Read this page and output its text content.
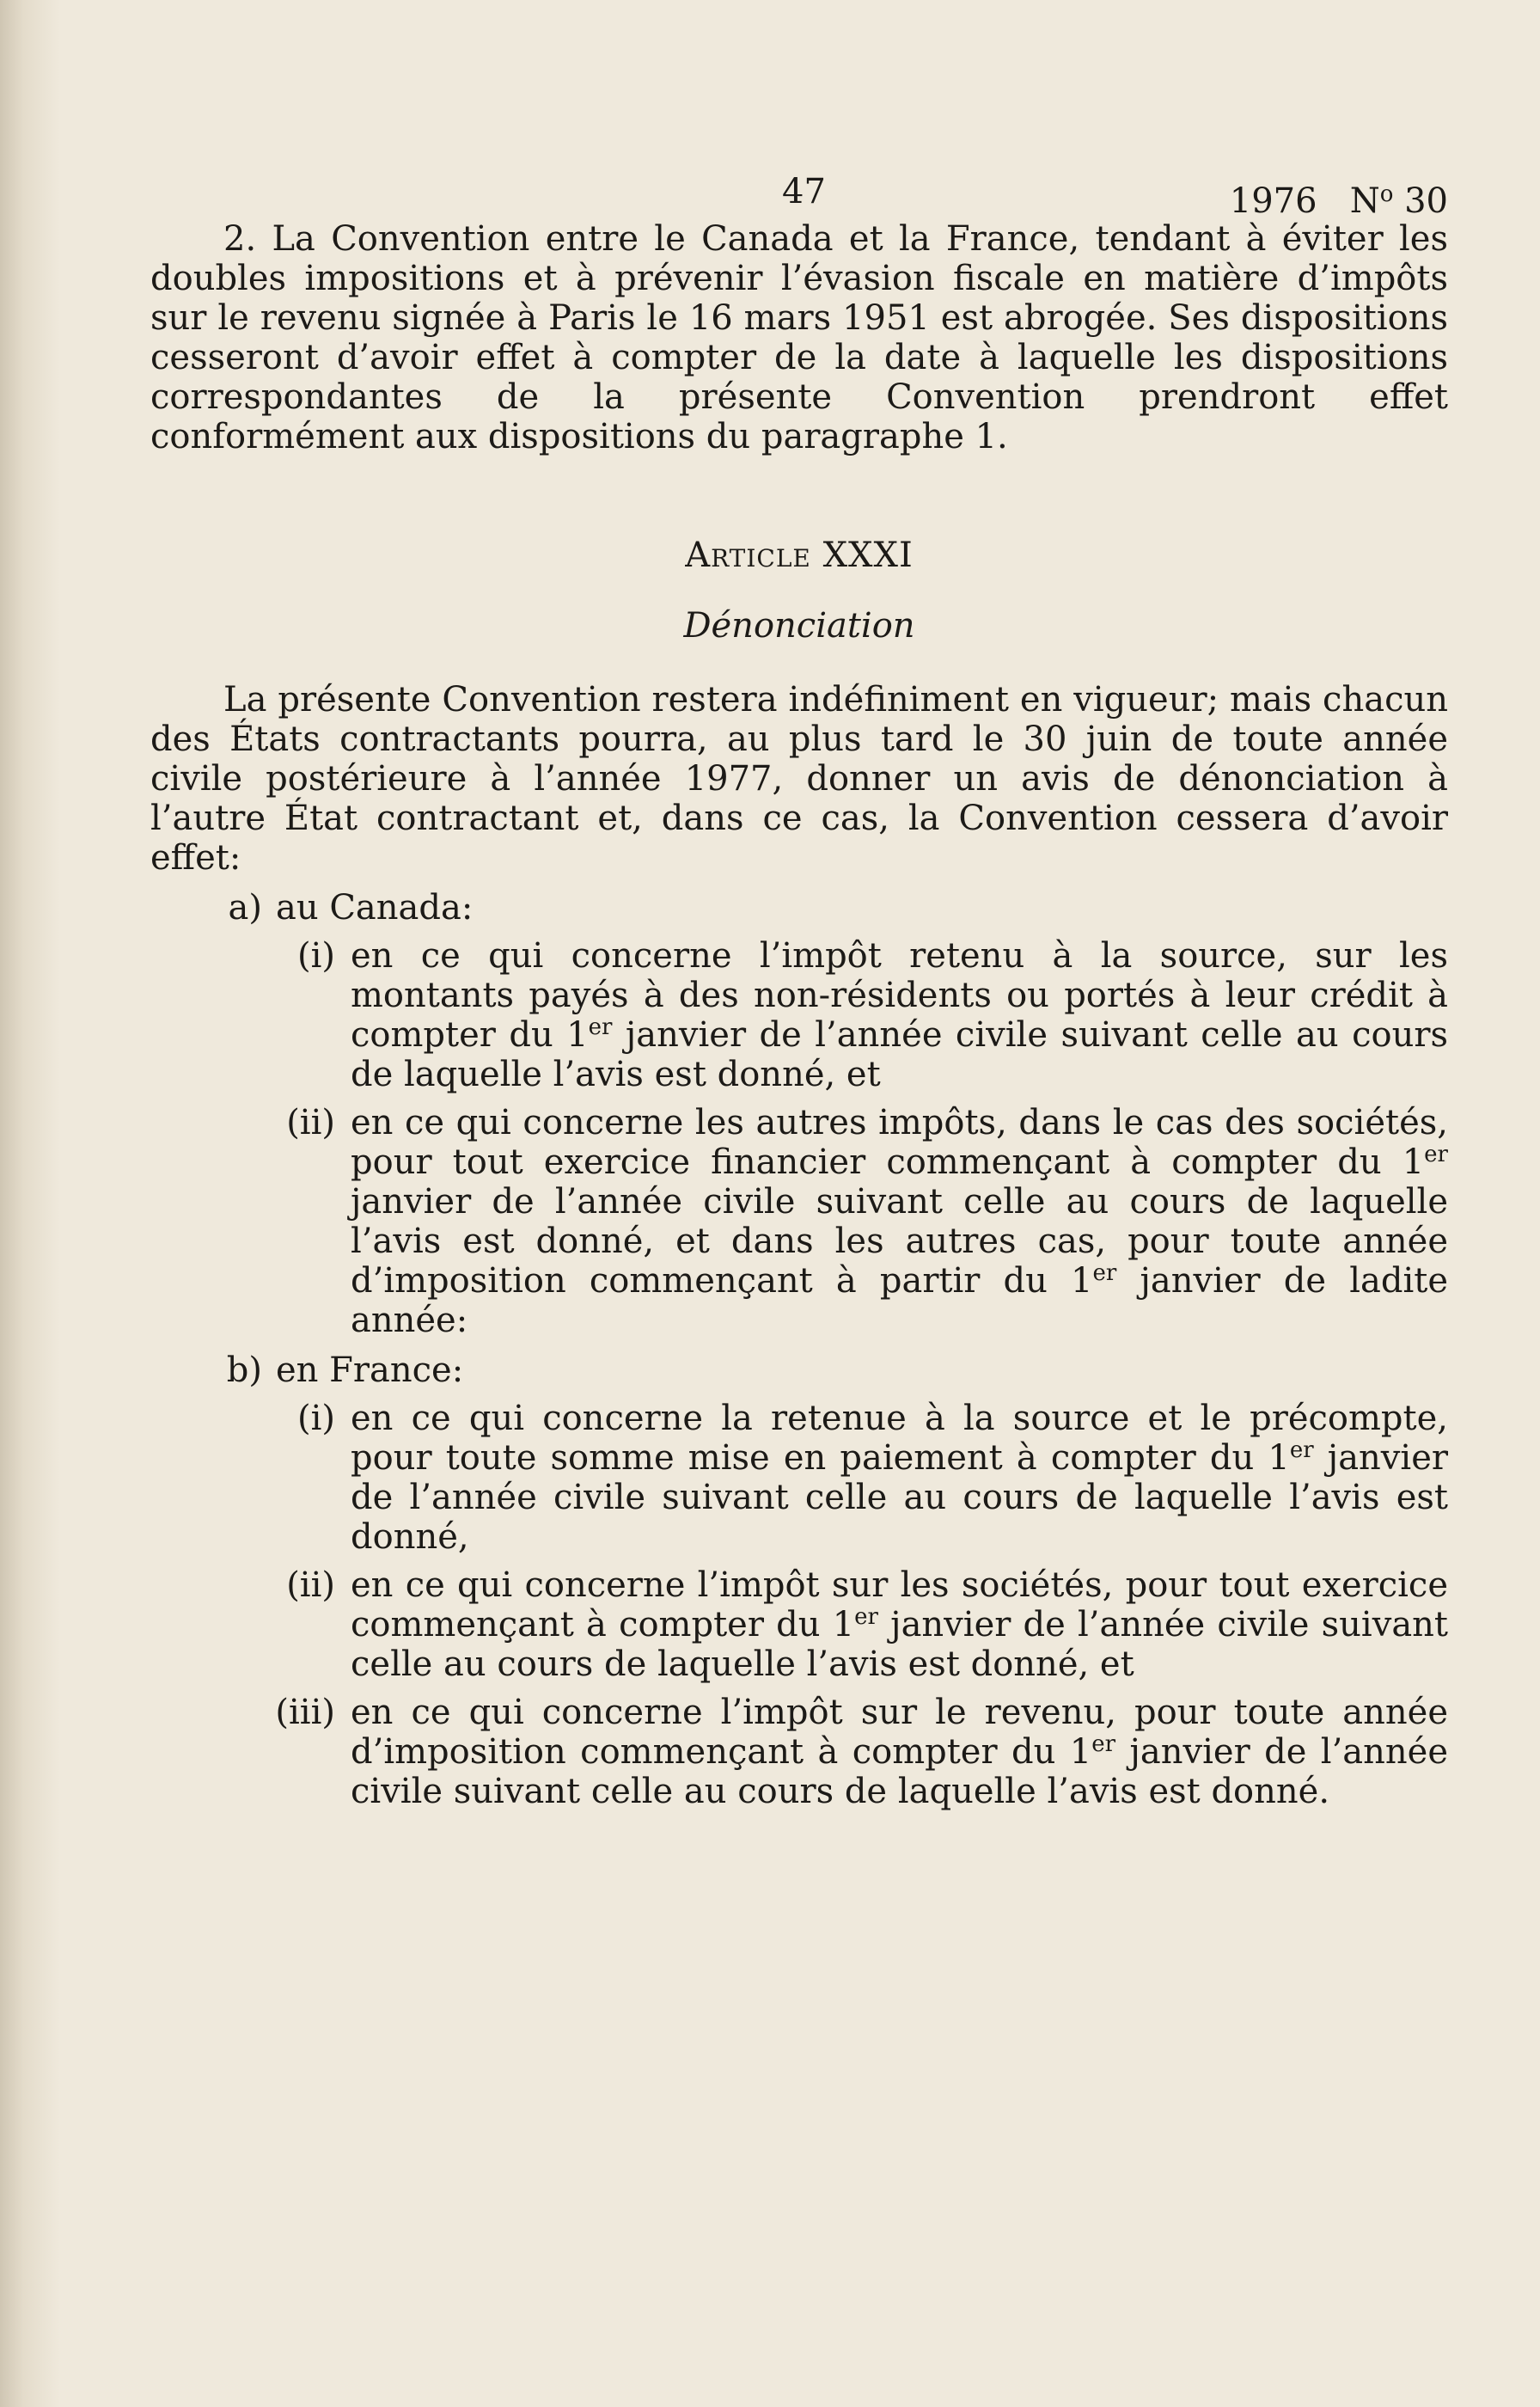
47	1976 $N^o$ 30

2. La Convention entre le Canada et la France, tendant à éviter les doubles impositions et à prévenir l’évasion fiscale en matière d’impôts sur le revenu signée à Paris le 16 mars 1951 est abrogée. Ses dispositions cesseront d’avoir effet à compter de la date à laquelle les dispositions correspondantes de la présente Convention prendront effet conformément aux dispositions du paragraphe 1.

Article XXXI

Dénonciation

La présente Convention restera indéfiniment en vigueur; mais chacun des États contractants pourra, au plus tard le 30 juin de toute année civile postérieure à l’année 1977, donner un avis de dénonciation à l’autre État contractant et, dans ce cas, la Convention cessera d’avoir effet:

a) au Canada:
(i) en ce qui concerne l’impôt retenu à la source, sur les montants payés à des non-résidents ou portés à leur crédit à compter du 1er janvier de l’année civile suivant celle au cours de laquelle l’avis est donné, et
(ii) en ce qui concerne les autres impôts, dans le cas des sociétés, pour tout exercice financier commençant à compter du 1er janvier de l’année civile suivant celle au cours de laquelle l’avis est donné, et dans les autres cas, pour toute année d’imposition commençant à partir du 1er janvier de ladite année:
b) en France:
(i) en ce qui concerne la retenue à la source et le précompte, pour toute somme mise en paiement à compter du 1er janvier de l’année civile suivant celle au cours de laquelle l’avis est donné,
(ii) en ce qui concerne l’impôt sur les sociétés, pour tout exercice commençant à compter du 1er janvier de l’année civile suivant celle au cours de laquelle l’avis est donné, et
(iii) en ce qui concerne l’impôt sur le revenu, pour toute année d’imposition commençant à compter du 1er janvier de l’année civile suivant celle au cours de laquelle l’avis est donné.
